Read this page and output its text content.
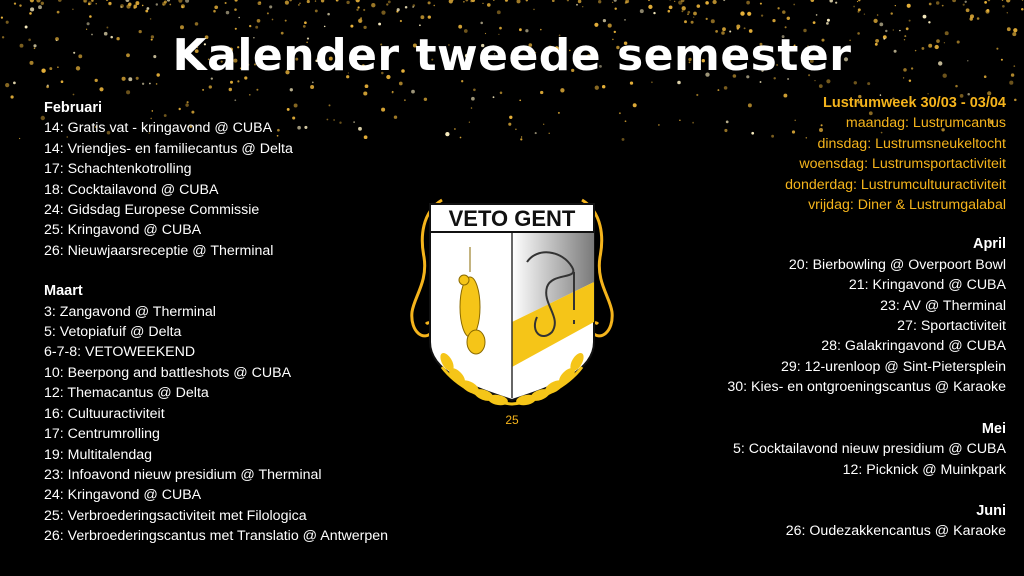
Kalender tweede semester
Februari
14: Gratis vat - kringavond @ CUBA
14: Vriendjes- en familiecantus @ Delta
17: Schachtenkotrolling
18: Cocktailavond @ CUBA
24: Gidsdag Europese Commissie
25: Kringavond @ CUBA
26: Nieuwjaarsreceptie @ Therminal
Maart
3: Zangavond @ Therminal
5: Vetopiafuif @ Delta
6-7-8: VETOWEEKEND
10: Beerpong and battleshots @ CUBA
12: Themacantus @ Delta
16: Cultuuractiviteit
17: Centrumrolling
19: Multitalendag
23: Infoavond nieuw presidium @ Therminal
24: Kringavond @ CUBA
25: Verbroederingsactiviteit met Filologica
26: Verbroederingscantus met Translatio @ Antwerpen
Lustrumweek 30/03 - 03/04
maandag: Lustrumcantus
dinsdag: Lustrumsneukeltocht
woensdag: Lustrumsportactiviteit
donderdag: Lustrumcultuuractiviteit
vrijdag: Diner & Lustrumgalabal
April
20: Bierbowling @ Overpoort Bowl
21: Kringavond @ CUBA
23: AV @ Therminal
27: Sportactiviteit
28: Galakringavond @ CUBA
29: 12-urenloop @ Sint-Pietersplein
30: Kies- en ontgroeningscantus @ Karaoke
Mei
5: Cocktailavond nieuw presidium @ CUBA
12: Picknick @ Muinkpark
Juni
26: Oudezakkencantus @ Karaoke
VETO GENT
25
